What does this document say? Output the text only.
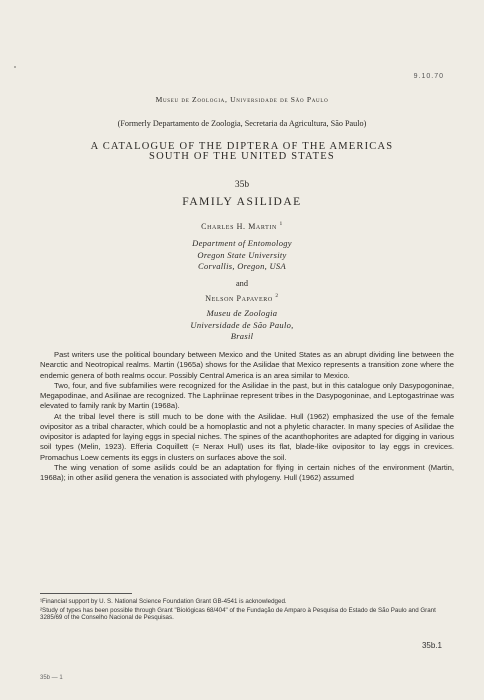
9.10.70
Museu de Zoologia, Universidade de São Paulo
(Formerly Departamento de Zoologia, Secretaria da Agricultura, São Paulo)
A CATALOGUE OF THE DIPTERA OF THE AMERICAS
SOUTH OF THE UNITED STATES
35b
FAMILY ASILIDAE
Charles H. Martin $^1$
Department of Entomology
Oregon State University
Corvallis, Oregon, USA
and
Nelson Papavero $^2$
Museu de Zoologia
Universidade de São Paulo,
Brasil

Past writers use the political boundary between Mexico and the United States as an abrupt dividing line between the Nearctic and Neotropical realms. Martin (1965a) shows for the Asilidae that Mexico represents a transition zone where the endemic genera of both realms occur. Possibly Central America is an area similar to Mexico.

Two, four, and five subfamilies were recognized for the Asilidae in the past, but in this catalogue only Dasypogoninae, Megapodinae, and Asilinae are recognized. The Laphriinae represent tribes in the Dasypogoninae, and Leptogastrinae was elevated to family rank by Martin (1968a).

At the tribal level there is still much to be done with the Asilidae. Hull (1962) emphasized the use of the female ovipositor as a tribal character, which could be a homoplastic and not a phyletic character. In many species of Asilidae the ovipositor is adapted for laying eggs in special niches. The spines of the acanthophorites are adapted for digging in various soil types (Melin, 1923). Efferia Coquillett (= Nerax Hull) uses its flat, blade-like ovipositor to lay eggs in crevices. Promachus Loew cements its eggs in clusters on surfaces above the soil.

The wing venation of some asilids could be an adaptation for flying in certain niches of the environment (Martin, 1968a); in other asilid genera the venation is associated with phylogeny. Hull (1962) assumed

¹Financial support by U. S. National Science Foundation Grant GB-4541 is acknowledged.

²Study of types has been possible through Grant "Biológicas 68/404" of the Fundação de Amparo à Pesquisa do Estado de São Paulo and Grant 3285/69 of the Conselho Nacional de Pesquisas.

35b.1
35b — 1
